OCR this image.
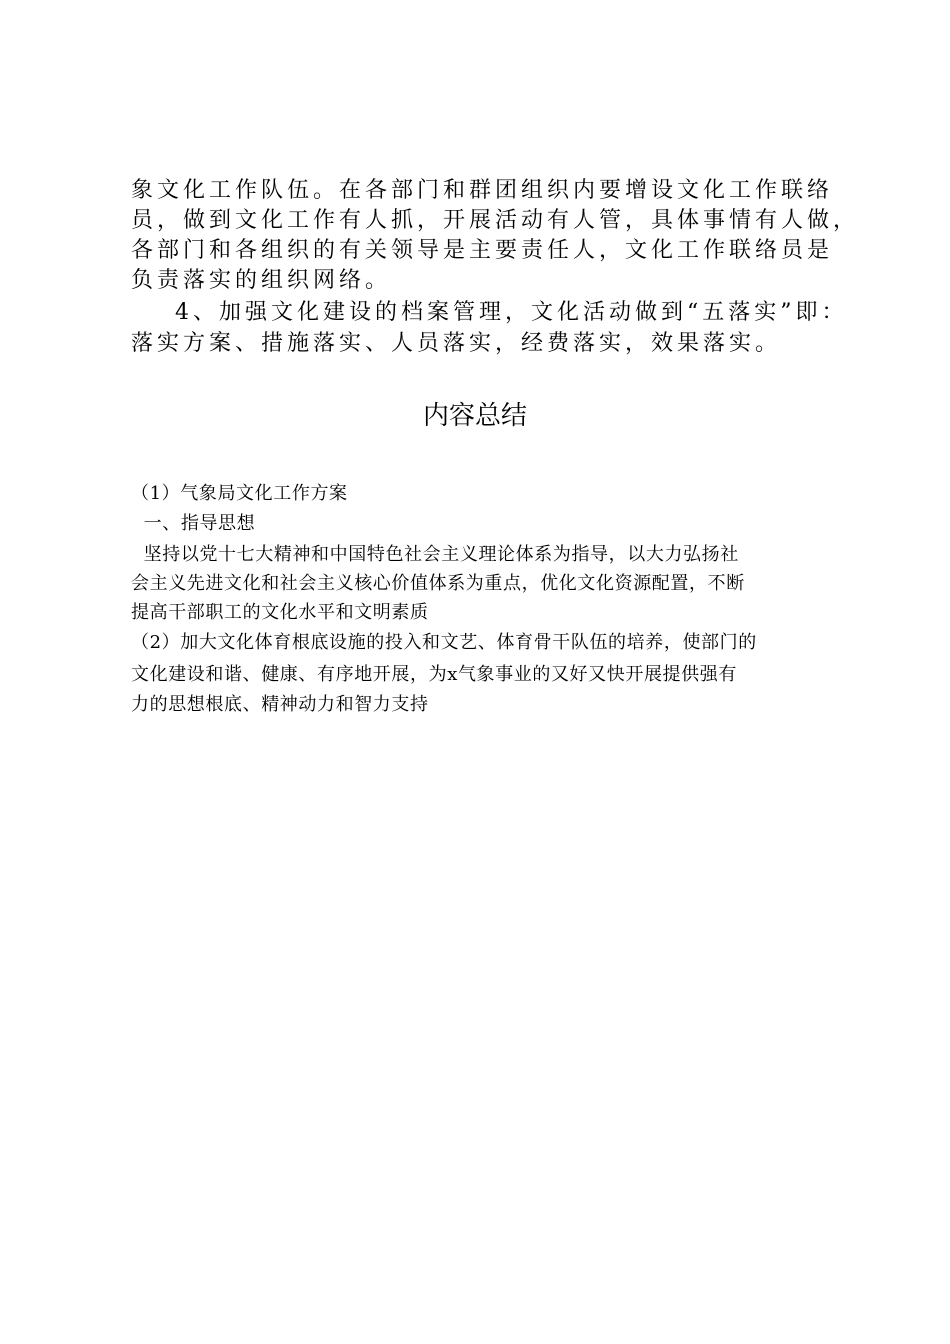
象文化工作队伍。在各部门和群团组织内要增设文化工作联络
员，做到文化工作有人抓，开展活动有人管，具体事情有人做，
各部门和各组织的有关领导是主要责任人，文化工作联络员是
负责落实的组织网络。
4、加强文化建设的档案管理，文化活动做到“五落实”即：
落实方案、措施落实、人员落实，经费落实，效果落实。
内容总结
（1）气象局文化工作方案
一、指导思想
坚持以党十七大精神和中国特色社会主义理论体系为指导，以大力弘扬社
会主义先进文化和社会主义核心价值体系为重点，优化文化资源配置，不断
提高干部职工的文化水平和文明素质
（2）加大文化体育根底设施的投入和文艺、体育骨干队伍的培养，使部门的
文化建设和谐、健康、有序地开展，为x气象事业的又好又快开展提供强有
力的思想根底、精神动力和智力支持
